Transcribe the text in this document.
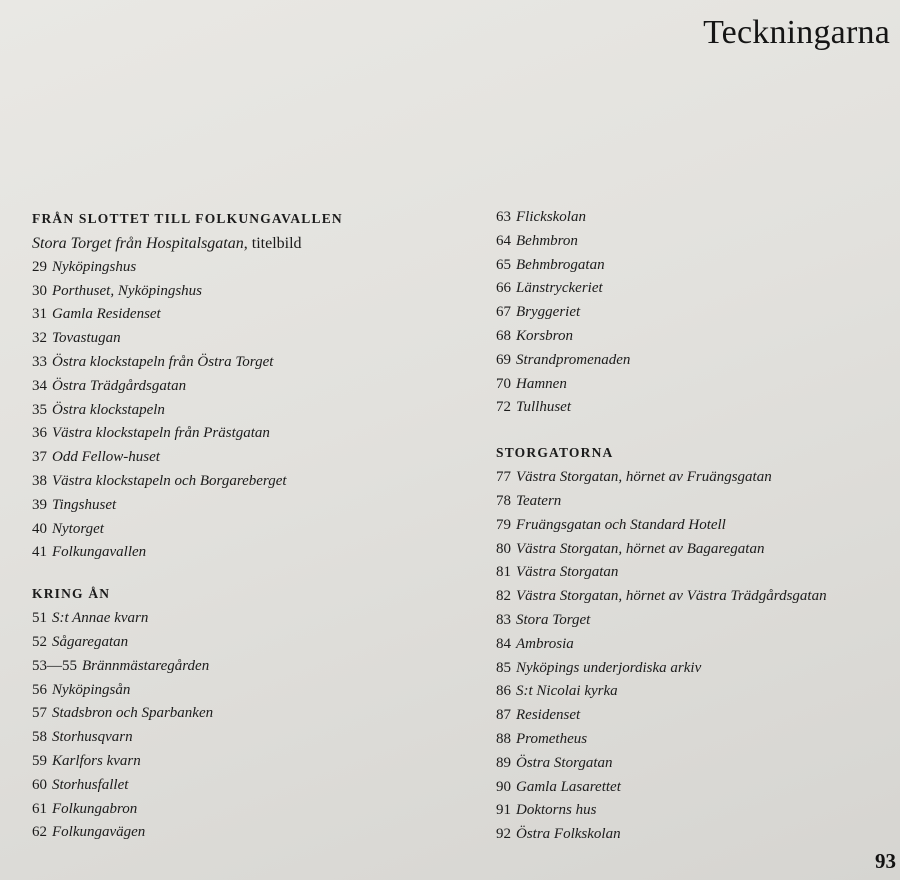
Teckningarna
FRÅN SLOTTET TILL FOLKUNGAVALLEN
Stora Torget från Hospitalsgatan, titelbild
29 Nyköpingshus
30 Porthuset, Nyköpingshus
31 Gamla Residenset
32 Tovastugan
33 Östra klockstapeln från Östra Torget
34 Östra Trädgårdsgatan
35 Östra klockstapeln
36 Västra klockstapeln från Prästgatan
37 Odd Fellow-huset
38 Västra klockstapeln och Borgareberget
39 Tingshuset
40 Nytorget
41 Folkungavallen
KRING ÅN
51 S:t Annae kvarn
52 Sågaregatan
53—55 Brännmästaregården
56 Nyköpingsån
57 Stadsbron och Sparbanken
58 Storhusqvarn
59 Karlfors kvarn
60 Storhusfallet
61 Folkungabron
62 Folkungavägen
63 Flickskolan
64 Behmbron
65 Behmbrogatan
66 Länstryckeriet
67 Bryggeriet
68 Korsbron
69 Strandpromenaden
70 Hamnen
72 Tullhuset
STORGATORNA
77 Västra Storgatan, hörnet av Fruängsgatan
78 Teatern
79 Fruängsgatan och Standard Hotell
80 Västra Storgatan, hörnet av Bagaregatan
81 Västra Storgatan
82 Västra Storgatan, hörnet av Västra Trädgårdsgatan
83 Stora Torget
84 Ambrosia
85 Nyköpings underjordiska arkiv
86 S:t Nicolai kyrka
87 Residenset
88 Prometheus
89 Östra Storgatan
90 Gamla Lasarettet
91 Doktorns hus
92 Östra Folkskolan
93
